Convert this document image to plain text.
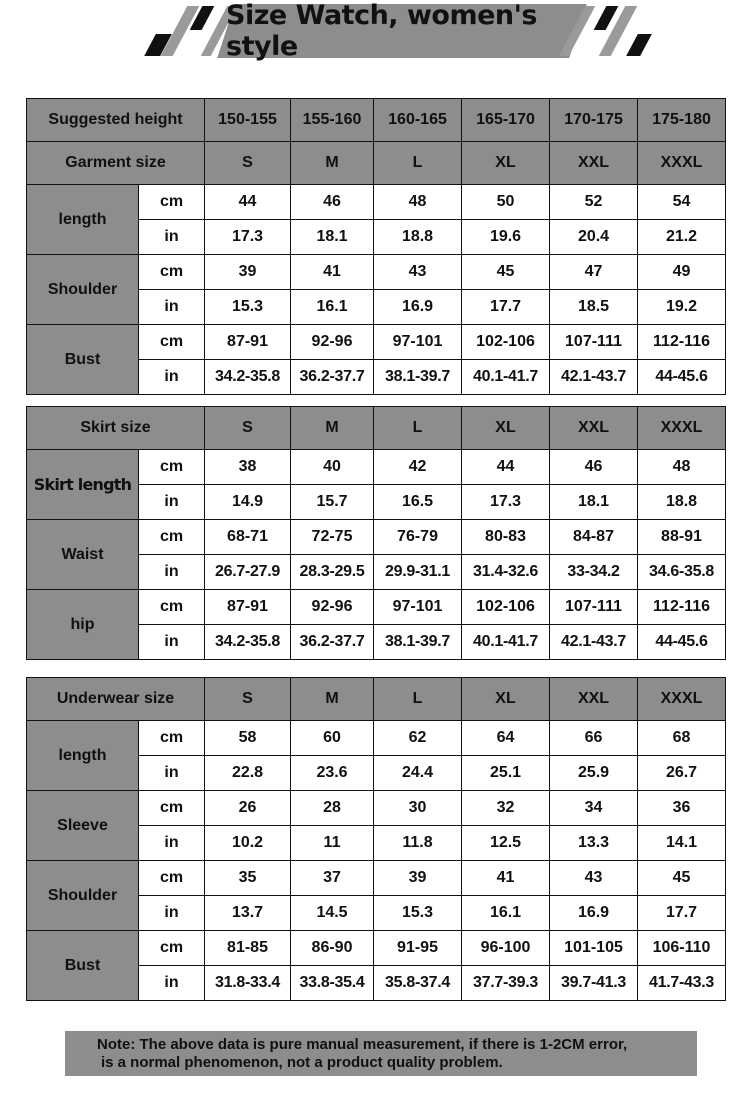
Size Watch, women's style
Suggested height		150-155	155-160	160-165	165-170	170-175	175-180
Garment size		S	M	L	XL	XXL	XXXL
length	cm	44	46	48	50	52	54
	in	17.3	18.1	18.8	19.6	20.4	21.2
Shoulder	cm	39	41	43	45	47	49
	in	15.3	16.1	16.9	17.7	18.5	19.2
Bust	cm	87-91	92-96	97-101	102-106	107-111	112-116
	in	34.2-35.8	36.2-37.7	38.1-39.7	40.1-41.7	42.1-43.7	44-45.6
Skirt size		S	M	L	XL	XXL	XXXL
Skirt length	cm	38	40	42	44	46	48
	in	14.9	15.7	16.5	17.3	18.1	18.8
Waist	cm	68-71	72-75	76-79	80-83	84-87	88-91
	in	26.7-27.9	28.3-29.5	29.9-31.1	31.4-32.6	33-34.2	34.6-35.8
hip	cm	87-91	92-96	97-101	102-106	107-111	112-116
	in	34.2-35.8	36.2-37.7	38.1-39.7	40.1-41.7	42.1-43.7	44-45.6
Underwear size		S	M	L	XL	XXL	XXXL
length	cm	58	60	62	64	66	68
	in	22.8	23.6	24.4	25.1	25.9	26.7
Sleeve	cm	26	28	30	32	34	36
	in	10.2	11	11.8	12.5	13.3	14.1
Shoulder	cm	35	37	39	41	43	45
	in	13.7	14.5	15.3	16.1	16.9	17.7
Bust	cm	81-85	86-90	91-95	96-100	101-105	106-110
	in	31.8-33.4	33.8-35.4	35.8-37.4	37.7-39.3	39.7-41.3	41.7-43.3
Note: The above data is pure manual measurement, if there is 1-2CM error,
is a normal phenomenon, not a product quality problem.
